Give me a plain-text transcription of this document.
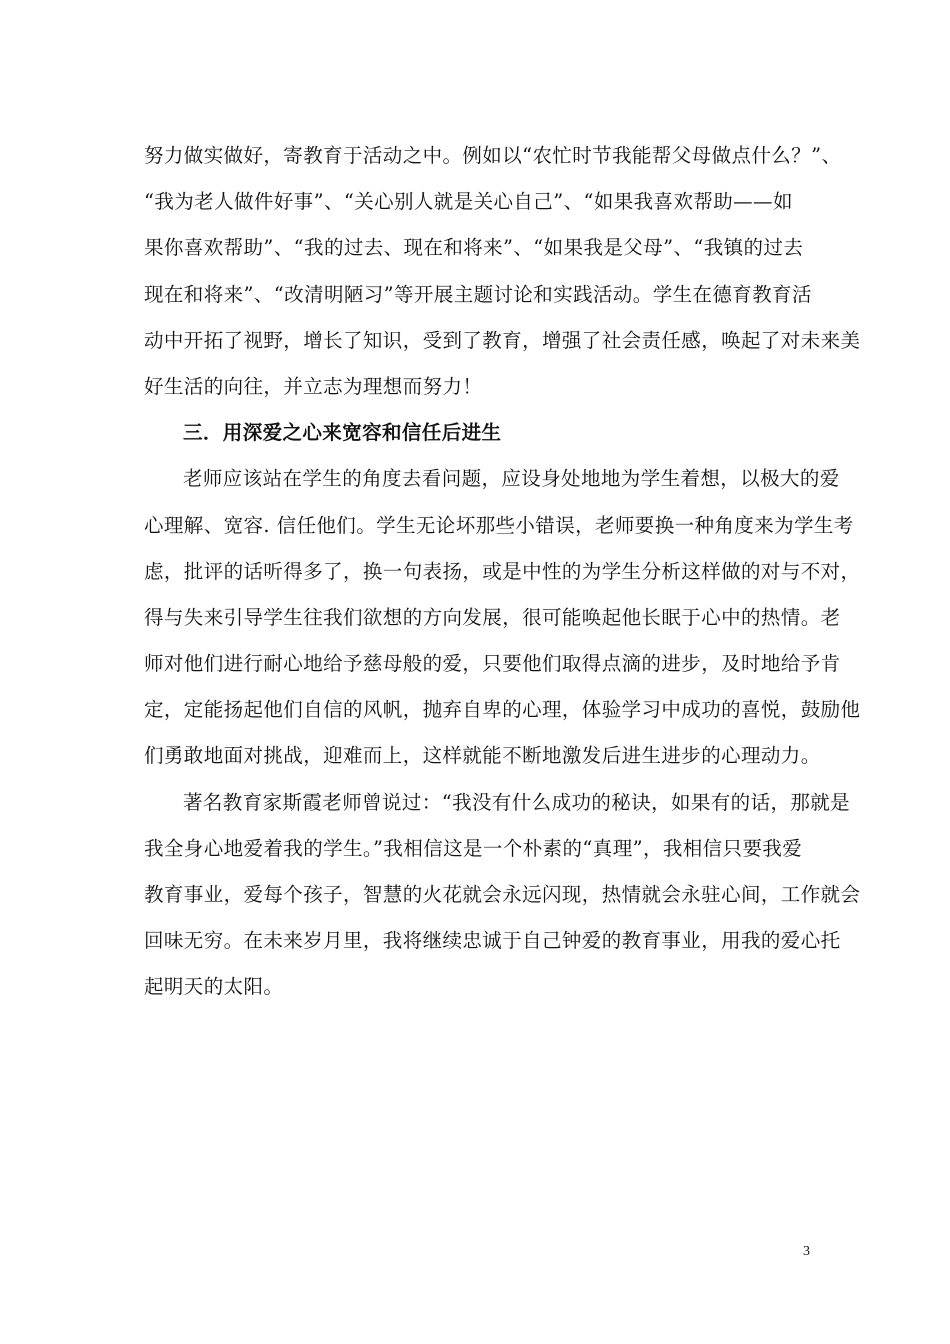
努力做实做好，寄教育于活动之中。例如以“农忙时节我能帮父母做点什么？”、
“我为老人做件好事”、“关心别人就是关心自己”、“如果我喜欢帮助——如
果你喜欢帮助”、“我的过去、现在和将来”、“如果我是父母”、“我镇的过去
现在和将来”、“改清明陋习”等开展主题讨论和实践活动。学生在德育教育活
动中开拓了视野，增长了知识，受到了教育，增强了社会责任感，唤起了对未来美
好生活的向往，并立志为理想而努力！
三．用深爱之心来宽容和信任后进生
老师应该站在学生的角度去看问题，应设身处地地为学生着想，以极大的爱
心理解、宽容. 信任他们。学生无论坏那些小错误，老师要换一种角度来为学生考
虑，批评的话听得多了，换一句表扬，或是中性的为学生分析这样做的对与不对，
得与失来引导学生往我们欲想的方向发展，很可能唤起他长眠于心中的热情。老
师对他们进行耐心地给予慈母般的爱，只要他们取得点滴的进步，及时地给予肯
定，定能扬起他们自信的风帆，抛弃自卑的心理，体验学习中成功的喜悦，鼓励他
们勇敢地面对挑战，迎难而上，这样就能不断地激发后进生进步的心理动力。
著名教育家斯霞老师曾说过：“我没有什么成功的秘诀，如果有的话，那就是
我全身心地爱着我的学生。”我相信这是一个朴素的“真理”，我相信只要我爱
教育事业，爱每个孩子，智慧的火花就会永远闪现，热情就会永驻心间，工作就会
回味无穷。在未来岁月里，我将继续忠诚于自己钟爱的教育事业，用我的爱心托
起明天的太阳。
3
